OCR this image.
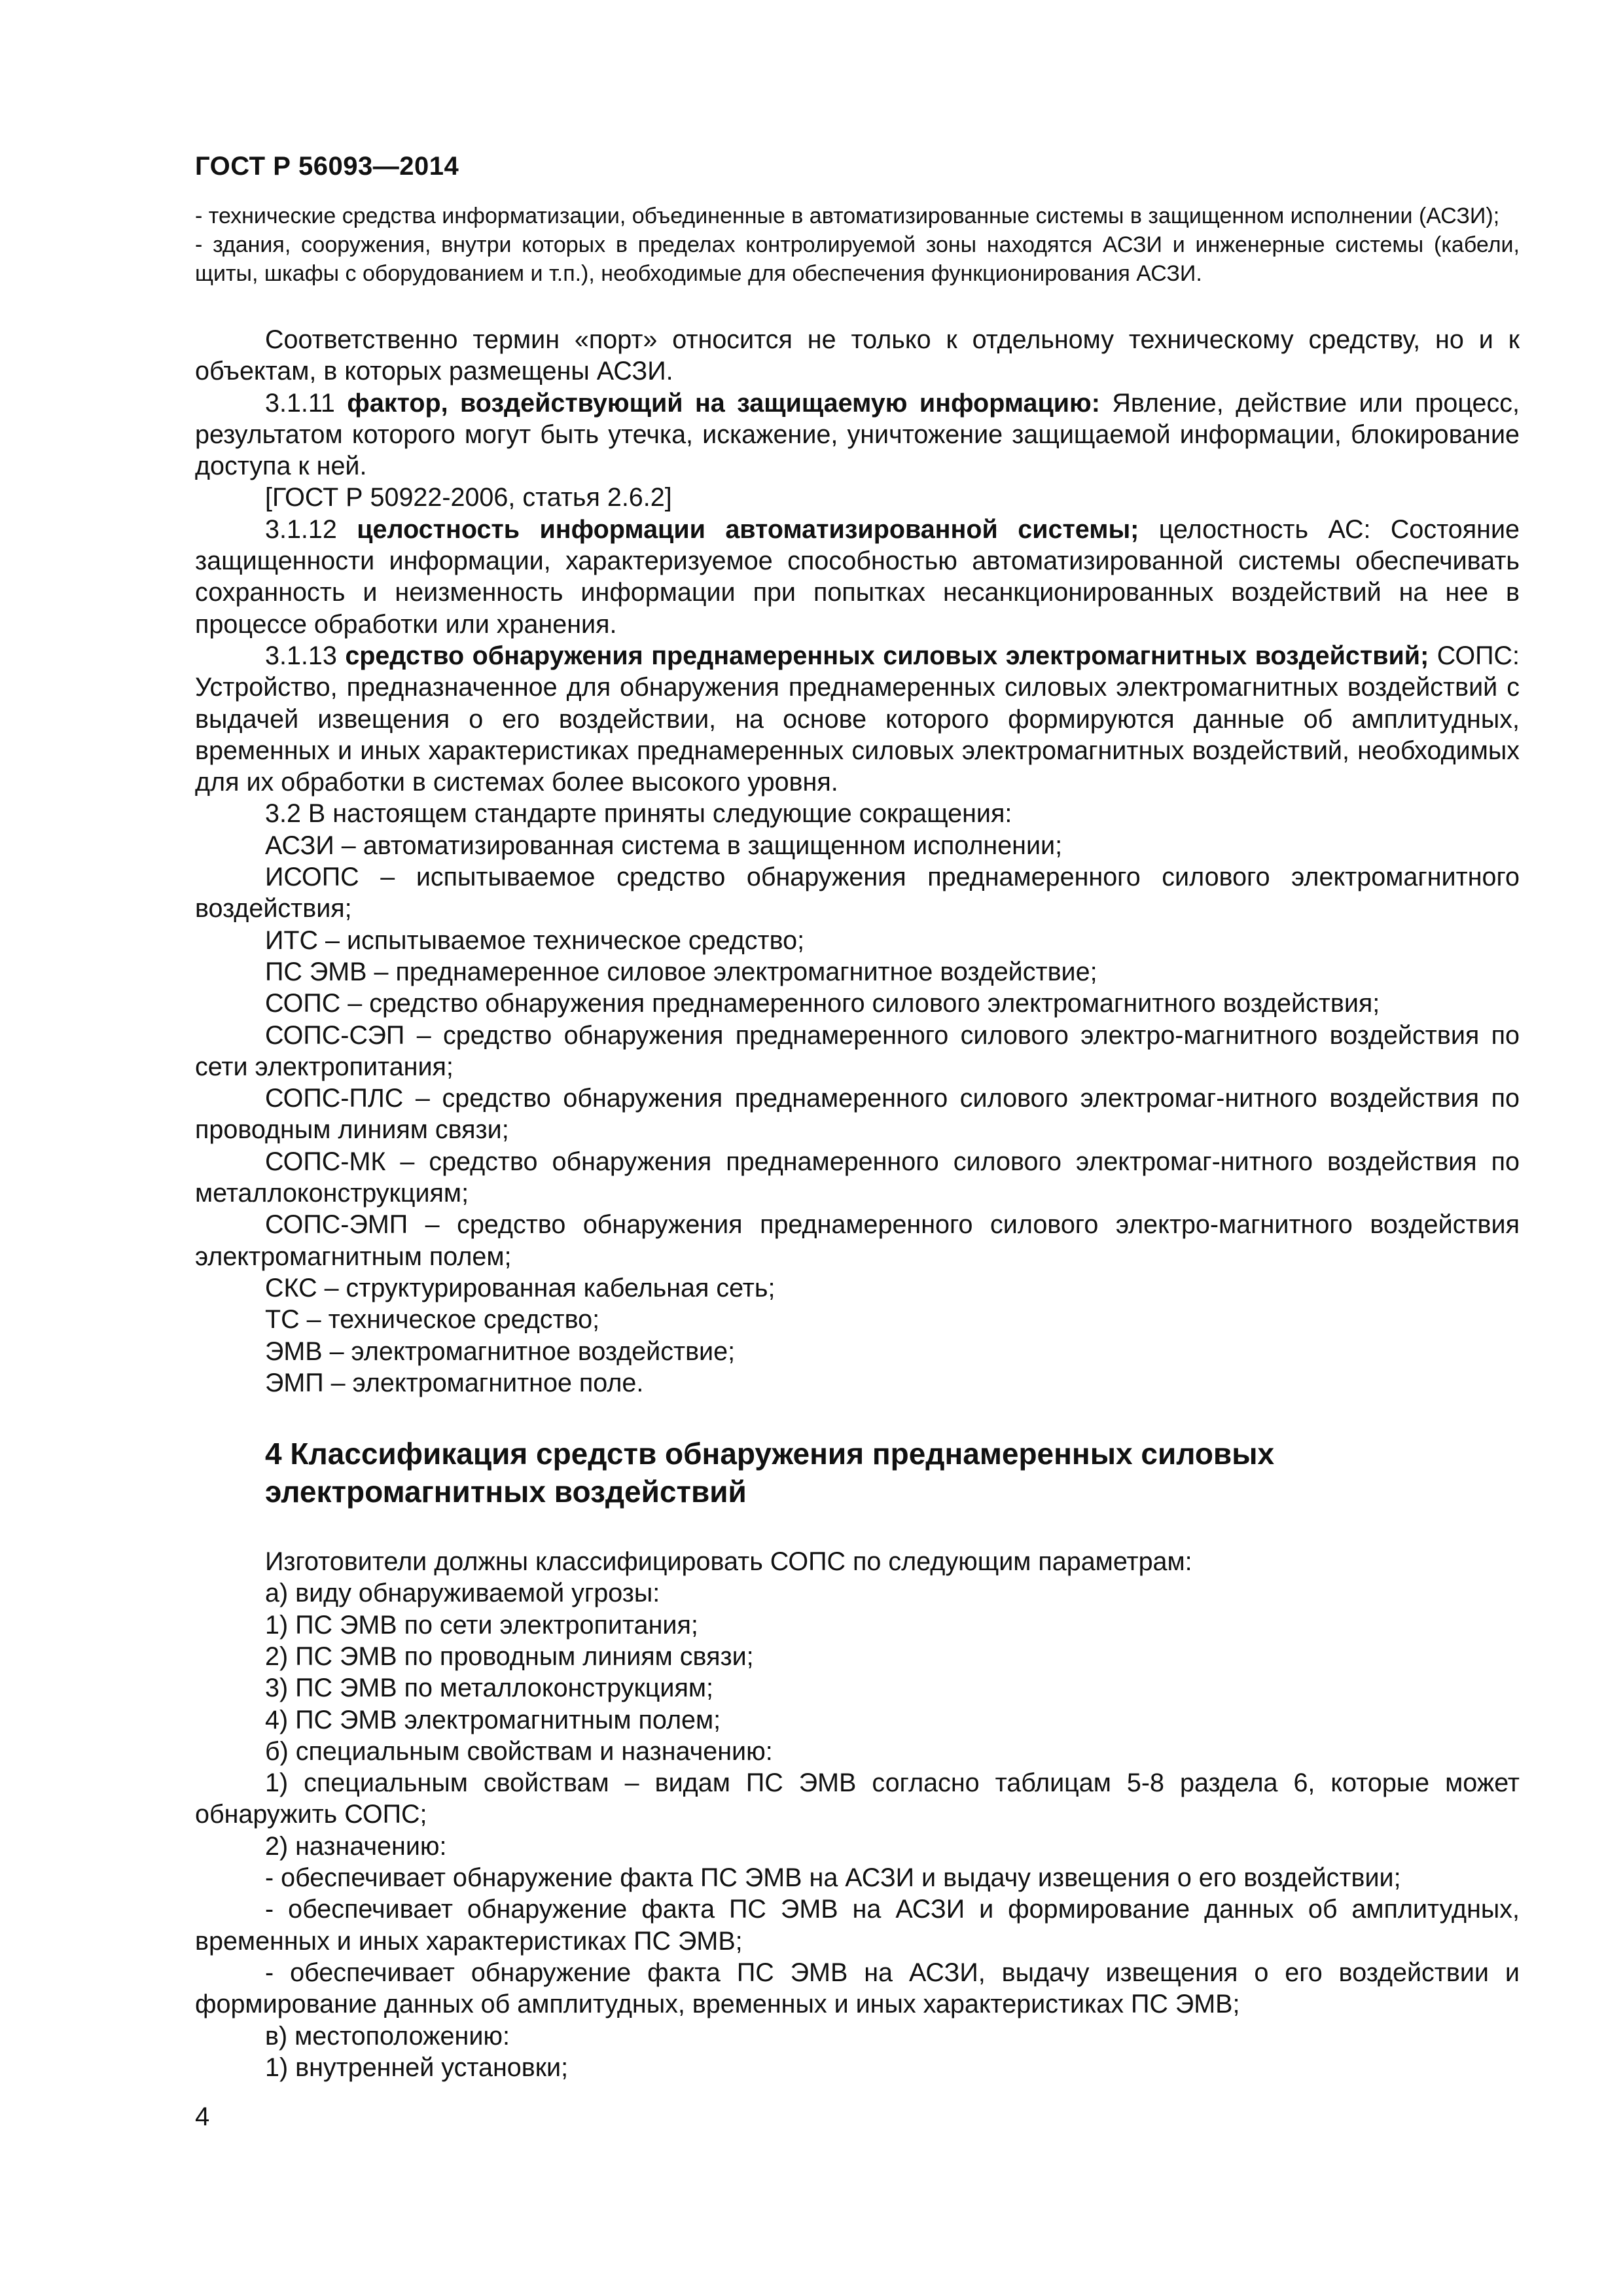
ГОСТ Р 56093—2014

- технические средства информатизации, объединенные в автоматизированные системы в защищенном исполнении (АСЗИ);

- здания, сооружения, внутри которых в пределах контролируемой зоны находятся АСЗИ и инженерные системы (кабели, щиты, шкафы с оборудованием и т.п.), необходимые для обеспечения функционирования АСЗИ.

Соответственно термин «порт» относится не только к отдельному техническому средству, но и к объектам, в которых размещены АСЗИ.

3.1.11 фактор, воздействующий на защищаемую информацию: Явление, действие или процесс, результатом которого могут быть утечка, искажение, уничтожение защищаемой информации, блокирование доступа к ней.

[ГОСТ Р 50922-2006, статья 2.6.2]

3.1.12 целостность информации автоматизированной системы; целостность АС: Состояние защищенности информации, характеризуемое способностью автоматизированной системы обеспечивать сохранность и неизменность информации при попытках несанкционированных воздействий на нее в процессе обработки или хранения.

3.1.13 средство обнаружения преднамеренных силовых электромагнитных воздействий; СОПС: Устройство, предназначенное для обнаружения преднамеренных силовых электромагнитных воздействий с выдачей извещения о его воздействии, на основе которого формируются данные об амплитудных, временных и иных характеристиках преднамеренных силовых электромагнитных воздействий, необходимых для их обработки в системах более высокого уровня.

3.2 В настоящем стандарте приняты следующие сокращения:

АСЗИ – автоматизированная система в защищенном исполнении;

ИСОПС – испытываемое средство обнаружения преднамеренного силового электромагнитного воздействия;

ИТС – испытываемое техническое средство;

ПС ЭМВ – преднамеренное силовое электромагнитное воздействие;

СОПС – средство обнаружения преднамеренного силового электромагнитного воздействия;

СОПС-СЭП – средство обнаружения преднамеренного силового электро-магнитного воздействия по сети электропитания;

СОПС-ПЛС – средство обнаружения преднамеренного силового электромаг-нитного воздействия по проводным линиям связи;

СОПС-МК – средство обнаружения преднамеренного силового электромаг-нитного воздействия по металлоконструкциям;

СОПС-ЭМП – средство обнаружения преднамеренного силового электро-магнитного воздействия электромагнитным полем;

СКС – структурированная кабельная сеть;

ТС – техническое средство;

ЭМВ – электромагнитное воздействие;

ЭМП – электромагнитное поле.

4 Классификация средств обнаружения преднамеренных силовых
электромагнитных воздействий

Изготовители должны классифицировать СОПС по следующим параметрам:

а) виду обнаруживаемой угрозы:

1) ПС ЭМВ по сети электропитания;

2) ПС ЭМВ по проводным линиям связи;

3) ПС ЭМВ по металлоконструкциям;

4) ПС ЭМВ электромагнитным полем;

б) специальным свойствам и назначению:

1) специальным свойствам – видам ПС ЭМВ согласно таблицам 5-8 раздела 6, которые может обнаружить СОПС;

2) назначению:

- обеспечивает обнаружение факта ПС ЭМВ на АСЗИ и выдачу извещения о его воздействии;

- обеспечивает обнаружение факта ПС ЭМВ на АСЗИ и формирование данных об амплитудных, временных и иных характеристиках ПС ЭМВ;

- обеспечивает обнаружение факта ПС ЭМВ на АСЗИ, выдачу извещения о его воздействии и формирование данных об амплитудных, временных и иных характеристиках ПС ЭМВ;

в) местоположению:

1) внутренней установки;

4
